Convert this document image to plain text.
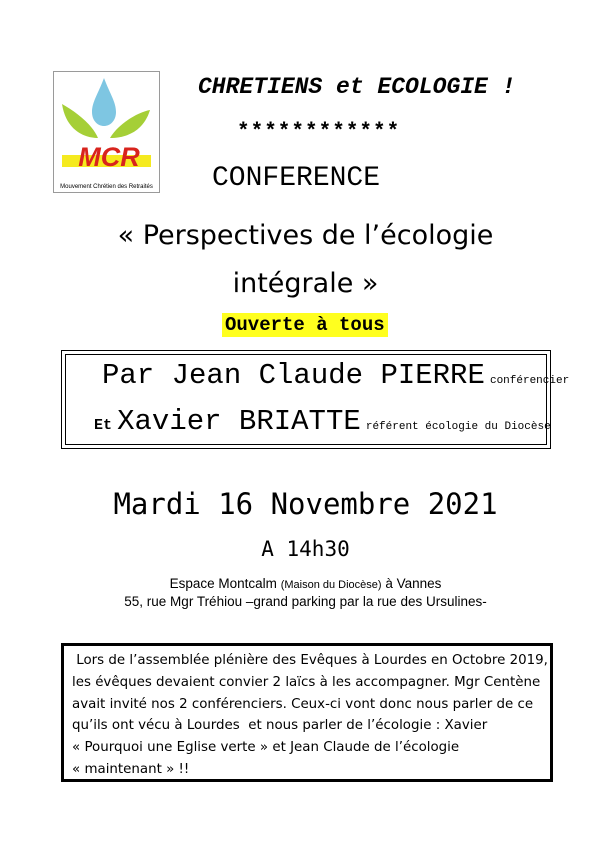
MCR
Mouvement Chrétien des Retraités
CHRETIENS et ECOLOGIE !
************
CONFERENCE
« Perspectives de l’écologie
intégrale »
Ouverte à tous
Par Jean Claude PIERRE conférencier
Et Xavier BRIATTE référent écologie du Diocèse
Mardi 16 Novembre 2021
A 14h30
Espace Montcalm (Maison du Diocèse) à Vannes
55, rue Mgr Tréhiou –grand parking par la rue des Ursulines-
Lors de l’assemblée plénière des Evêques à Lourdes en Octobre 2019,
les évêques devaient convier 2 laïcs à les accompagner. Mgr Centène
avait invité nos 2 conférenciers. Ceux-ci vont donc nous parler de ce
qu’ils ont vécu à Lourdes  et nous parler de l’écologie : Xavier
« Pourquoi une Eglise verte » et Jean Claude de l’écologie
« maintenant » !!
